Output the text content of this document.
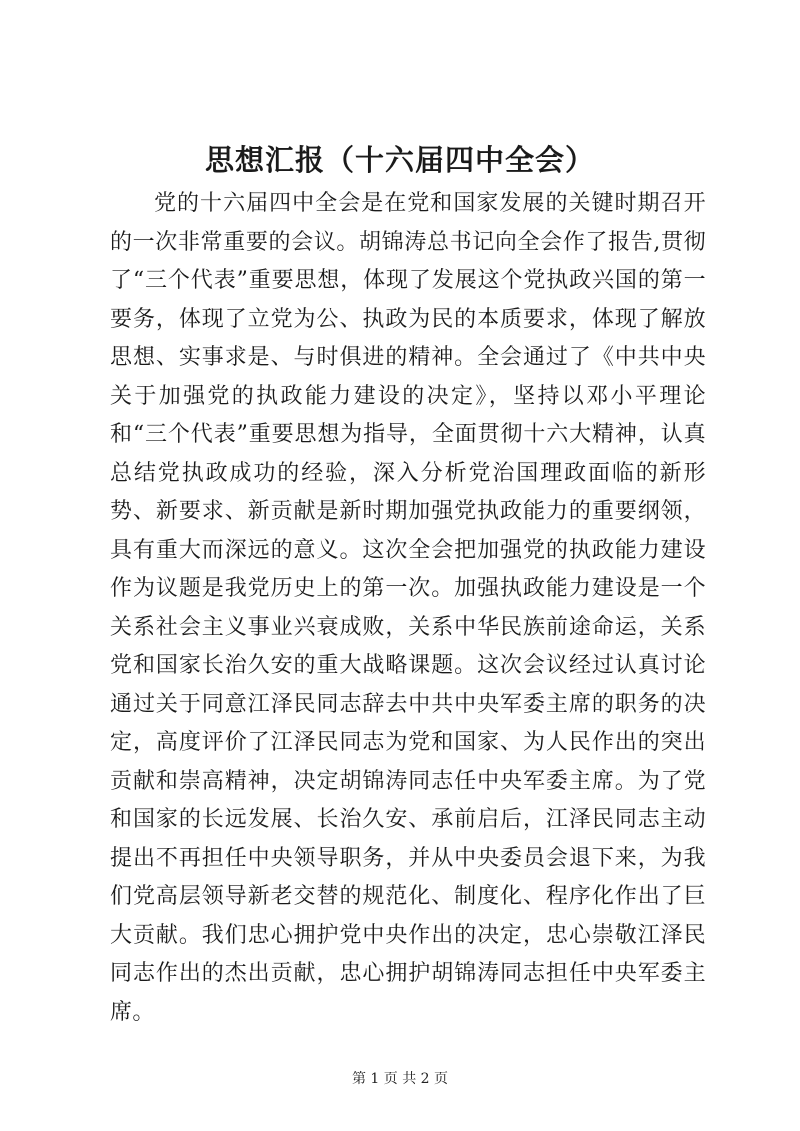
思想汇报（十六届四中全会）

党的十六届四中全会是在党和国家发展的关键时期召开的一次非常重要的会议。胡锦涛总书记向全会作了报告,贯彻了“三个代表”重要思想，体现了发展这个党执政兴国的第一要务，体现了立党为公、执政为民的本质要求，体现了解放思想、实事求是、与时俱进的精神。全会通过了《中共中央关于加强党的执政能力建设的决定》，坚持以邓小平理论和“三个代表”重要思想为指导，全面贯彻十六大精神，认真总结党执政成功的经验，深入分析党治国理政面临的新形势、新要求、新贡献是新时期加强党执政能力的重要纲领，具有重大而深远的意义。这次全会把加强党的执政能力建设作为议题是我党历史上的第一次。加强执政能力建设是一个关系社会主义事业兴衰成败，关系中华民族前途命运，关系党和国家长治久安的重大战略课题。这次会议经过认真讨论通过关于同意江泽民同志辞去中共中央军委主席的职务的决定，高度评价了江泽民同志为党和国家、为人民作出的突出贡献和崇高精神，决定胡锦涛同志任中央军委主席。为了党和国家的长远发展、长治久安、承前启后，江泽民同志主动提出不再担任中央领导职务，并从中央委员会退下来，为我们党高层领导新老交替的规范化、制度化、程序化作出了巨大贡献。我们忠心拥护党中央作出的决定，忠心崇敬江泽民同志作出的杰出贡献，忠心拥护胡锦涛同志担任中央军委主席。

第 1 页 共 2 页
